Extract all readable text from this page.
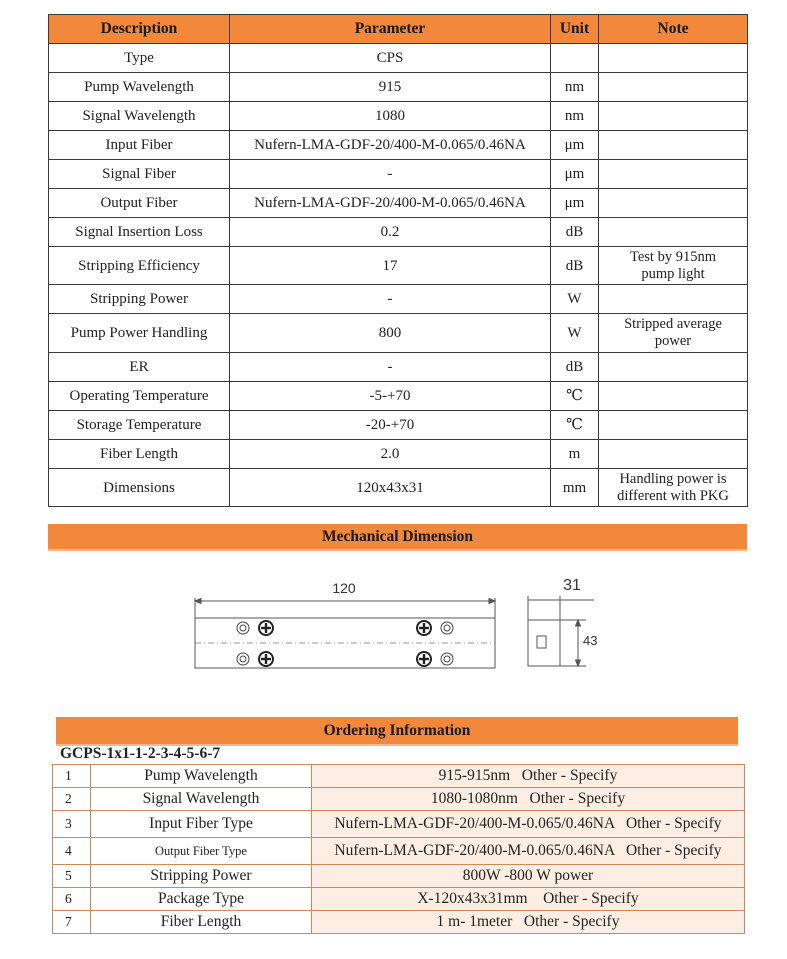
Description	Parameter	Unit	Note
Type	CPS		
Pump Wavelength	915	nm	
Signal Wavelength	1080	nm	
Input Fiber	Nufern-LMA-GDF-20/400-M-0.065/0.46NA	μm	
Signal Fiber	-	μm	
Output Fiber	Nufern-LMA-GDF-20/400-M-0.065/0.46NA	μm	
Signal Insertion Loss	0.2	dB	
Stripping Efficiency	17	dB	Test by 915nm
pump light
Stripping Power	-	W	
Pump Power Handling	800	W	Stripped average
power
ER	-	dB	
Operating Temperature	-5-+70	℃	
Storage Temperature	-20-+70	℃	
Fiber Length	2.0	m	
Dimensions	120x43x31	mm	Handling power is
different with PKG
Mechanical Dimension
120	31
43
Ordering Information
GCPS-1x1-1-2-3-4-5-6-7
1	Pump Wavelength	915-915nm   Other - Specify
2	Signal Wavelength	1080-1080nm   Other - Specify
3	Input Fiber Type	Nufern-LMA-GDF-20/400-M-0.065/0.46NA   Other - Specify
4	Output Fiber Type	Nufern-LMA-GDF-20/400-M-0.065/0.46NA   Other - Specify
5	Stripping Power	800W -800 W power
6	Package Type	X-120x43x31mm    Other - Specify
7	Fiber Length	1 m- 1meter   Other - Specify
